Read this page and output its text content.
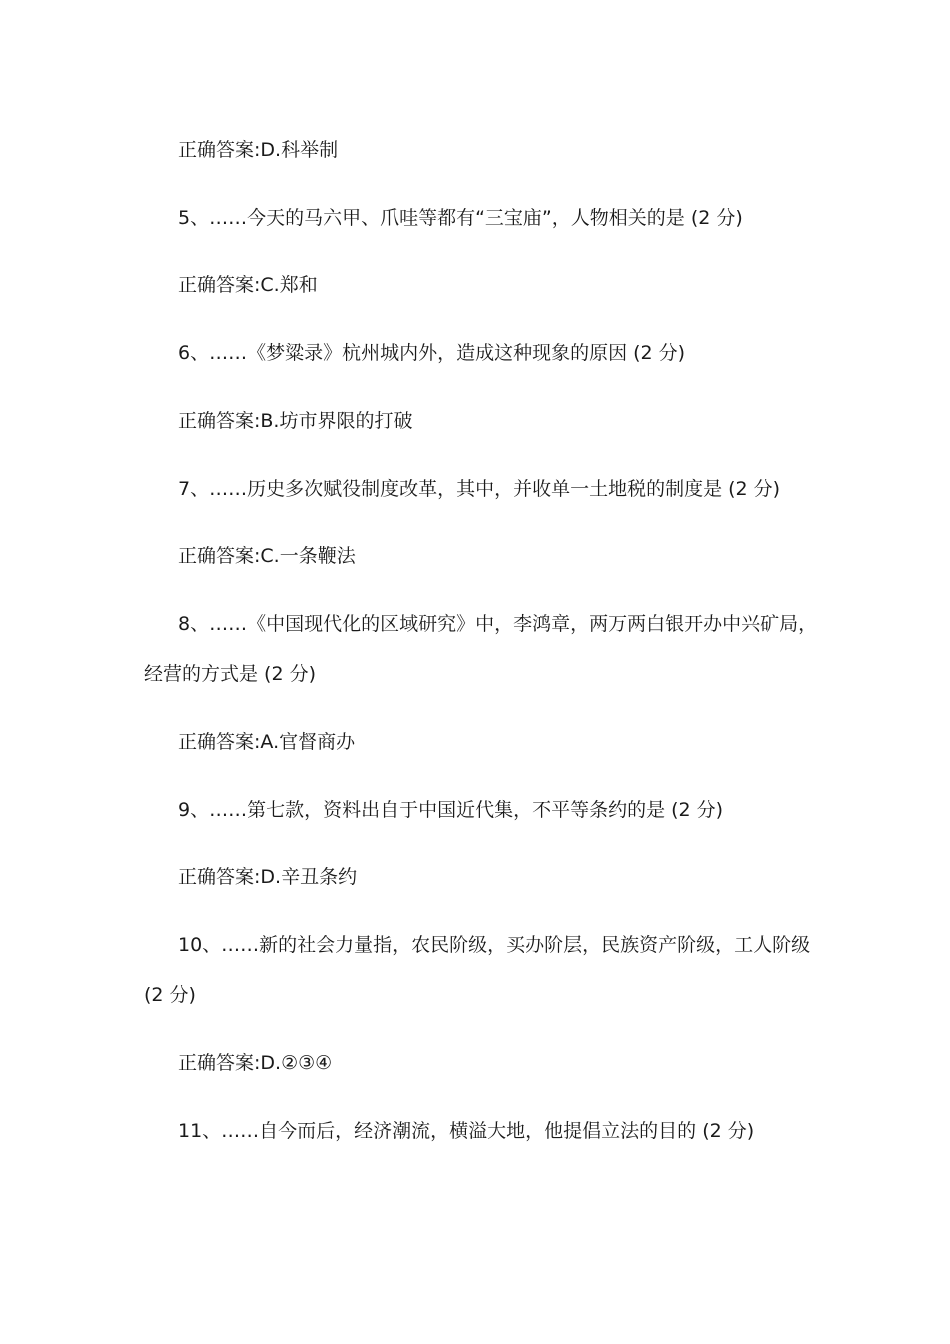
正确答案:D.科举制
5、……今天的马六甲、爪哇等都有“三宝庙”，人物相关的是 (2 分)
正确答案:C.郑和
6、……《梦粱录》杭州城内外，造成这种现象的原因 (2 分)
正确答案:B.坊市界限的打破
7、……历史多次赋役制度改革，其中，并收单一土地税的制度是 (2 分)
正确答案:C.一条鞭法
8、……《中国现代化的区域研究》中，李鸿章，两万两白银开办中兴矿局，
经营的方式是 (2 分)
正确答案:A.官督商办
9、……第七款，资料出自于中国近代集，不平等条约的是 (2 分)
正确答案:D.辛丑条约
10、……新的社会力量指，农民阶级，买办阶层，民族资产阶级，工人阶级
(2 分)
正确答案:D.②③④
11、……自今而后，经济潮流，横溢大地，他提倡立法的目的 (2 分)
